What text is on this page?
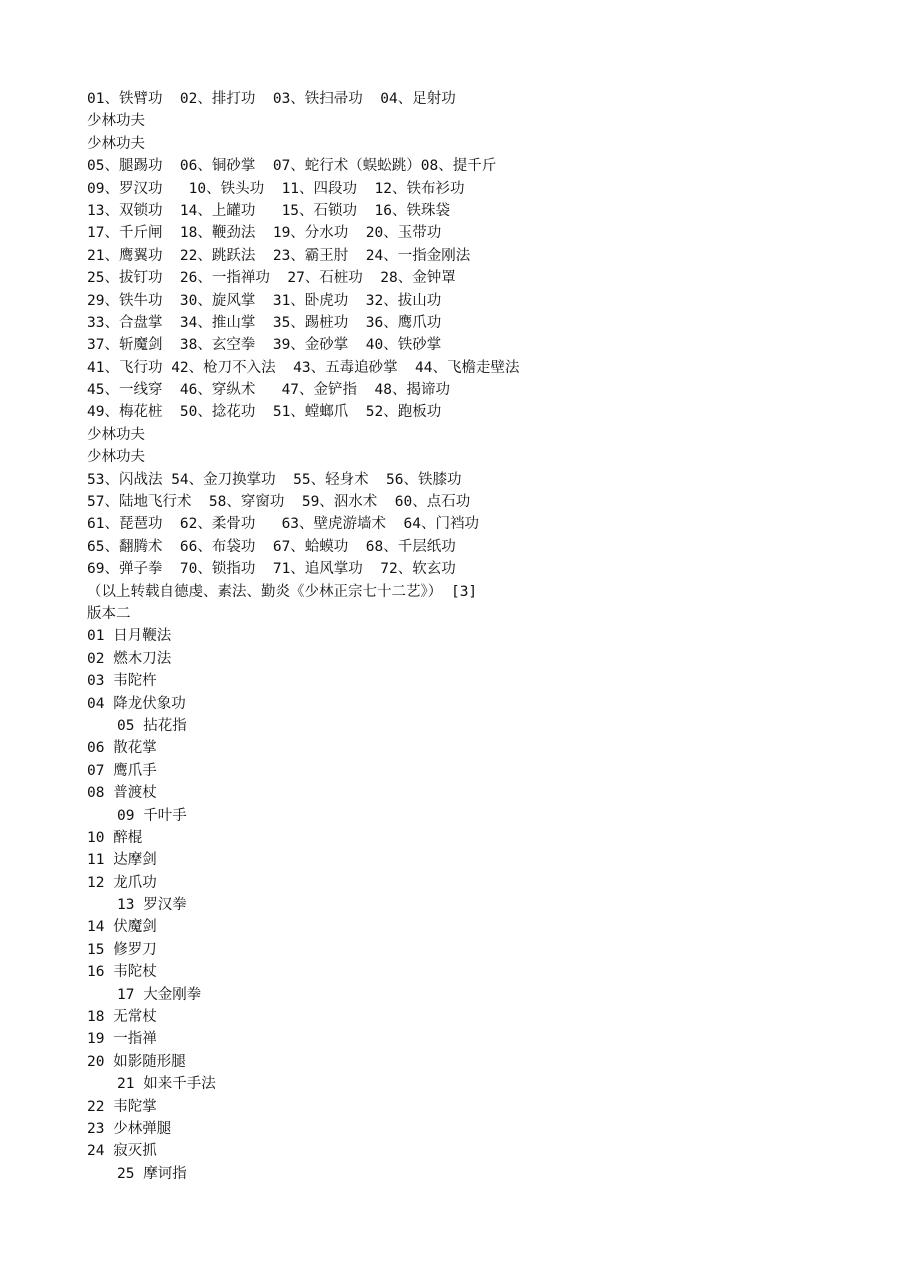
01、铁臂功  02、排打功  03、铁扫帚功  04、足射功
少林功夫
少林功夫
05、腿踢功  06、铜砂掌  07、蛇行术（蜈蚣跳）08、提千斤
09、罗汉功   10、铁头功  11、四段功  12、铁布衫功
13、双锁功  14、上罐功   15、石锁功  16、铁珠袋
17、千斤闸  18、鞭劲法  19、分水功  20、玉带功
21、鹰翼功  22、跳跃法  23、霸王肘  24、一指金刚法
25、拔钉功  26、一指禅功  27、石桩功  28、金钟罩
29、铁牛功  30、旋风掌  31、卧虎功  32、拔山功
33、合盘掌  34、推山掌  35、踢桩功  36、鹰爪功
37、斩魔剑  38、玄空拳  39、金砂掌  40、铁砂掌
41、飞行功 42、枪刀不入法  43、五毒追砂掌  44、飞檐走壁法
45、一线穿  46、穿纵术   47、金铲指  48、揭谛功
49、梅花桩  50、捻花功  51、螳螂爪  52、跑板功
少林功夫
少林功夫
53、闪战法 54、金刀换掌功  55、轻身术  56、铁膝功
57、陆地飞行术  58、穿窗功  59、泅水术  60、点石功
61、琵琶功  62、柔骨功   63、壁虎游墙术  64、门裆功
65、翻腾术  66、布袋功  67、蛤蟆功  68、千层纸功
69、弹子拳  70、锁指功  71、追风掌功  72、软玄功
（以上转载自德虔、素法、勤炎《少林正宗七十二艺》） [3]
版本二
01 日月鞭法
02 燃木刀法
03 韦陀杵
04 降龙伏象功
05 拈花指
06 散花掌
07 鹰爪手
08 普渡杖
09 千叶手
10 醉棍
11 达摩剑
12 龙爪功
13 罗汉拳
14 伏魔剑
15 修罗刀
16 韦陀杖
17 大金刚拳
18 无常杖
19 一指禅
20 如影随形腿
21 如来千手法
22 韦陀掌
23 少林弹腿
24 寂灭抓
25 摩诃指
